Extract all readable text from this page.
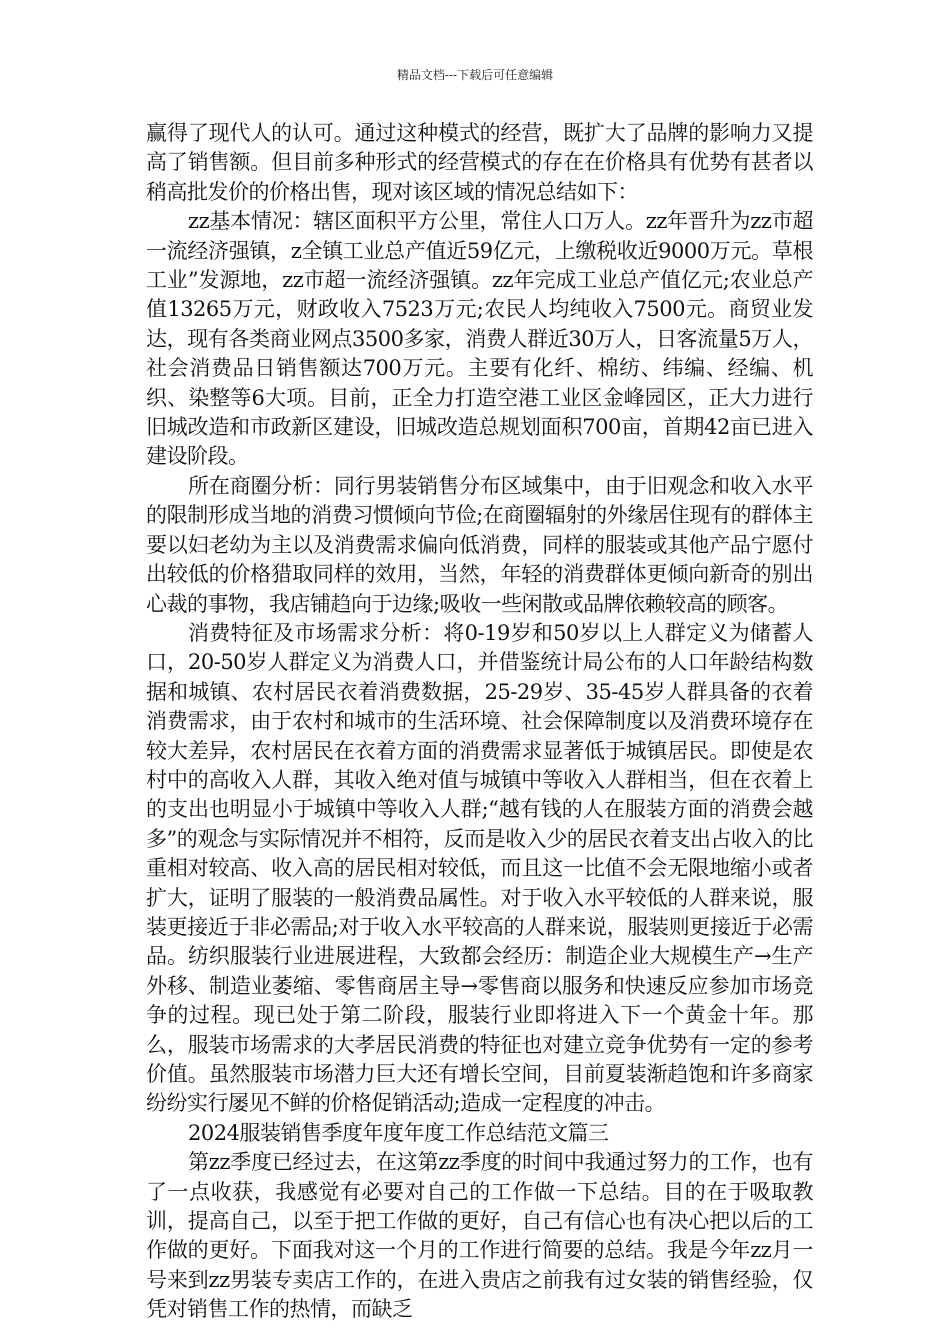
精品文档---下载后可任意编辑

赢得了现代人的认可。通过这种模式的经营，既扩大了品牌的影响力又提高了销售额。但目前多种形式的经营模式的存在在价格具有优势有甚者以稍高批发价的价格出售，现对该区域的情况总结如下：

zz基本情况：辖区面积平方公里，常住人口万人。zz年晋升为zz市超一流经济强镇，z全镇工业总产值近59亿元，上缴税收近9000万元。草根工业”发源地，zz市超一流经济强镇。zz年完成工业总产值亿元;农业总产值13265万元，财政收入7523万元;农民人均纯收入7500元。商贸业发达，现有各类商业网点3500多家，消费人群近30万人，日客流量5万人，社会消费品日销售额达700万元。主要有化纤、棉纺、纬编、经编、机织、染整等6大项。目前，正全力打造空港工业区金峰园区，正大力进行旧城改造和市政新区建设，旧城改造总规划面积700亩，首期42亩已进入建设阶段。

所在商圈分析：同行男装销售分布区域集中，由于旧观念和收入水平的限制形成当地的消费习惯倾向节俭;在商圈辐射的外缘居住现有的群体主要以妇老幼为主以及消费需求偏向低消费，同样的服装或其他产品宁愿付出较低的价格猎取同样的效用，当然，年轻的消费群体更倾向新奇的别出心裁的事物，我店铺趋向于边缘;吸收一些闲散或品牌依赖较高的顾客。

消费特征及市场需求分析：将0-19岁和50岁以上人群定义为储蓄人口，20-50岁人群定义为消费人口，并借鉴统计局公布的人口年龄结构数据和城镇、农村居民衣着消费数据，25-29岁、35-45岁人群具备的衣着消费需求，由于农村和城市的生活环境、社会保障制度以及消费环境存在较大差异，农村居民在衣着方面的消费需求显著低于城镇居民。即使是农村中的高收入人群，其收入绝对值与城镇中等收入人群相当，但在衣着上的支出也明显小于城镇中等收入人群;“越有钱的人在服装方面的消费会越多”的观念与实际情况并不相符，反而是收入少的居民衣着支出占收入的比重相对较高、收入高的居民相对较低，而且这一比值不会无限地缩小或者扩大，证明了服装的一般消费品属性。对于收入水平较低的人群来说，服装更接近于非必需品;对于收入水平较高的人群来说，服装则更接近于必需品。纺织服装行业进展进程，大致都会经历：制造企业大规模生产→生产外移、制造业萎缩、零售商居主导→零售商以服务和快速反应参加市场竞争的过程。现已处于第二阶段，服装行业即将进入下一个黄金十年。那么，服装市场需求的大孝居民消费的特征也对建立竞争优势有一定的参考价值。虽然服装市场潜力巨大还有增长空间，目前夏装渐趋饱和许多商家纷纷实行屡见不鲜的价格促销活动;造成一定程度的冲击。

2024服装销售季度年度年度工作总结范文篇三

第zz季度已经过去，在这第zz季度的时间中我通过努力的工作，也有了一点收获，我感觉有必要对自己的工作做一下总结。目的在于吸取教训，提高自己，以至于把工作做的更好，自己有信心也有决心把以后的工作做的更好。下面我对这一个月的工作进行简要的总结。我是今年zz月一号来到zz男装专卖店工作的，在进入贵店之前我有过女装的销售经验，仅凭对销售工作的热情，而缺乏
